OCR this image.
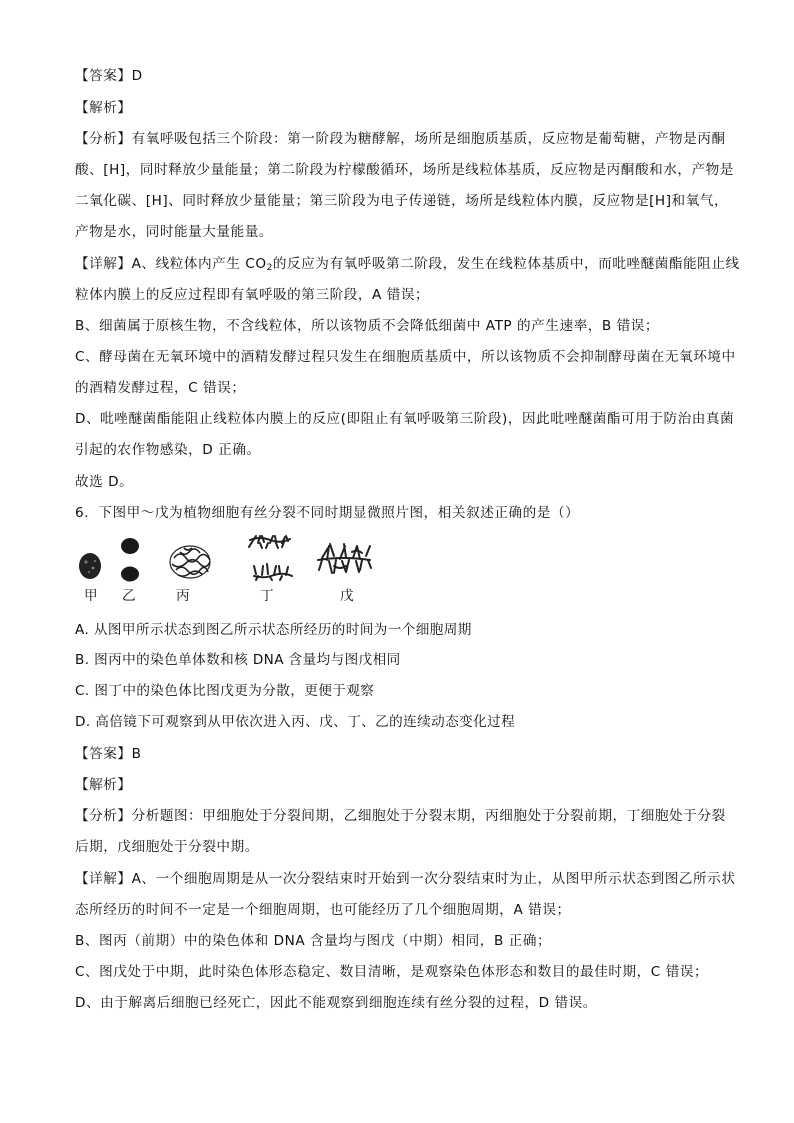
【答案】D
【解析】
【分析】有氧呼吸包括三个阶段：第一阶段为糖酵解，场所是细胞质基质，反应物是葡萄糖，产物是丙酮
酸、[H]，同时释放少量能量；第二阶段为柠檬酸循环，场所是线粒体基质，反应物是丙酮酸和水，产物是
二氧化碳、[H]、同时释放少量能量；第三阶段为电子传递链，场所是线粒体内膜，反应物是[H]和氧气，
产物是水，同时能量大量能量。
【详解】A、线粒体内产生 $CO_2$的反应为有氧呼吸第二阶段，发生在线粒体基质中，而吡唑醚菌酯能阻止线
粒体内膜上的反应过程即有氧呼吸的第三阶段，A 错误；
B、细菌属于原核生物，不含线粒体，所以该物质不会降低细菌中 ATP 的产生速率，B 错误；
C、酵母菌在无氧环境中的酒精发酵过程只发生在细胞质基质中，所以该物质不会抑制酵母菌在无氧环境中
的酒精发酵过程，C 错误；
D、吡唑醚菌酯能阻止线粒体内膜上的反应(即阻止有氧呼吸第三阶段)，因此吡唑醚菌酯可用于防治由真菌
引起的农作物感染，D 正确。
故选 D。
6．下图甲～戊为植物细胞有丝分裂不同时期显微照片图，相关叙述正确的是（）
甲 乙	丙	丁	戊
A. 从图甲所示状态到图乙所示状态所经历的时间为一个细胞周期
B. 图丙中的染色单体数和核 DNA 含量均与图戊相同
C. 图丁中的染色体比图戊更为分散，更便于观察
D. 高倍镜下可观察到从甲依次进入丙、戊、丁、乙的连续动态变化过程
【答案】B
【解析】
【分析】分析题图：甲细胞处于分裂间期，乙细胞处于分裂末期，丙细胞处于分裂前期，丁细胞处于分裂
后期，戊细胞处于分裂中期。
【详解】A、一个细胞周期是从一次分裂结束时开始到一次分裂结束时为止，从图甲所示状态到图乙所示状
态所经历的时间不一定是一个细胞周期，也可能经历了几个细胞周期，A 错误；
B、图丙（前期）中的染色体和 DNA 含量均与图戊（中期）相同，B 正确；
C、图戊处于中期，此时染色体形态稳定、数目清晰，是观察染色体形态和数目的最佳时期，C 错误；
D、由于解离后细胞已经死亡，因此不能观察到细胞连续有丝分裂的过程，D 错误。
